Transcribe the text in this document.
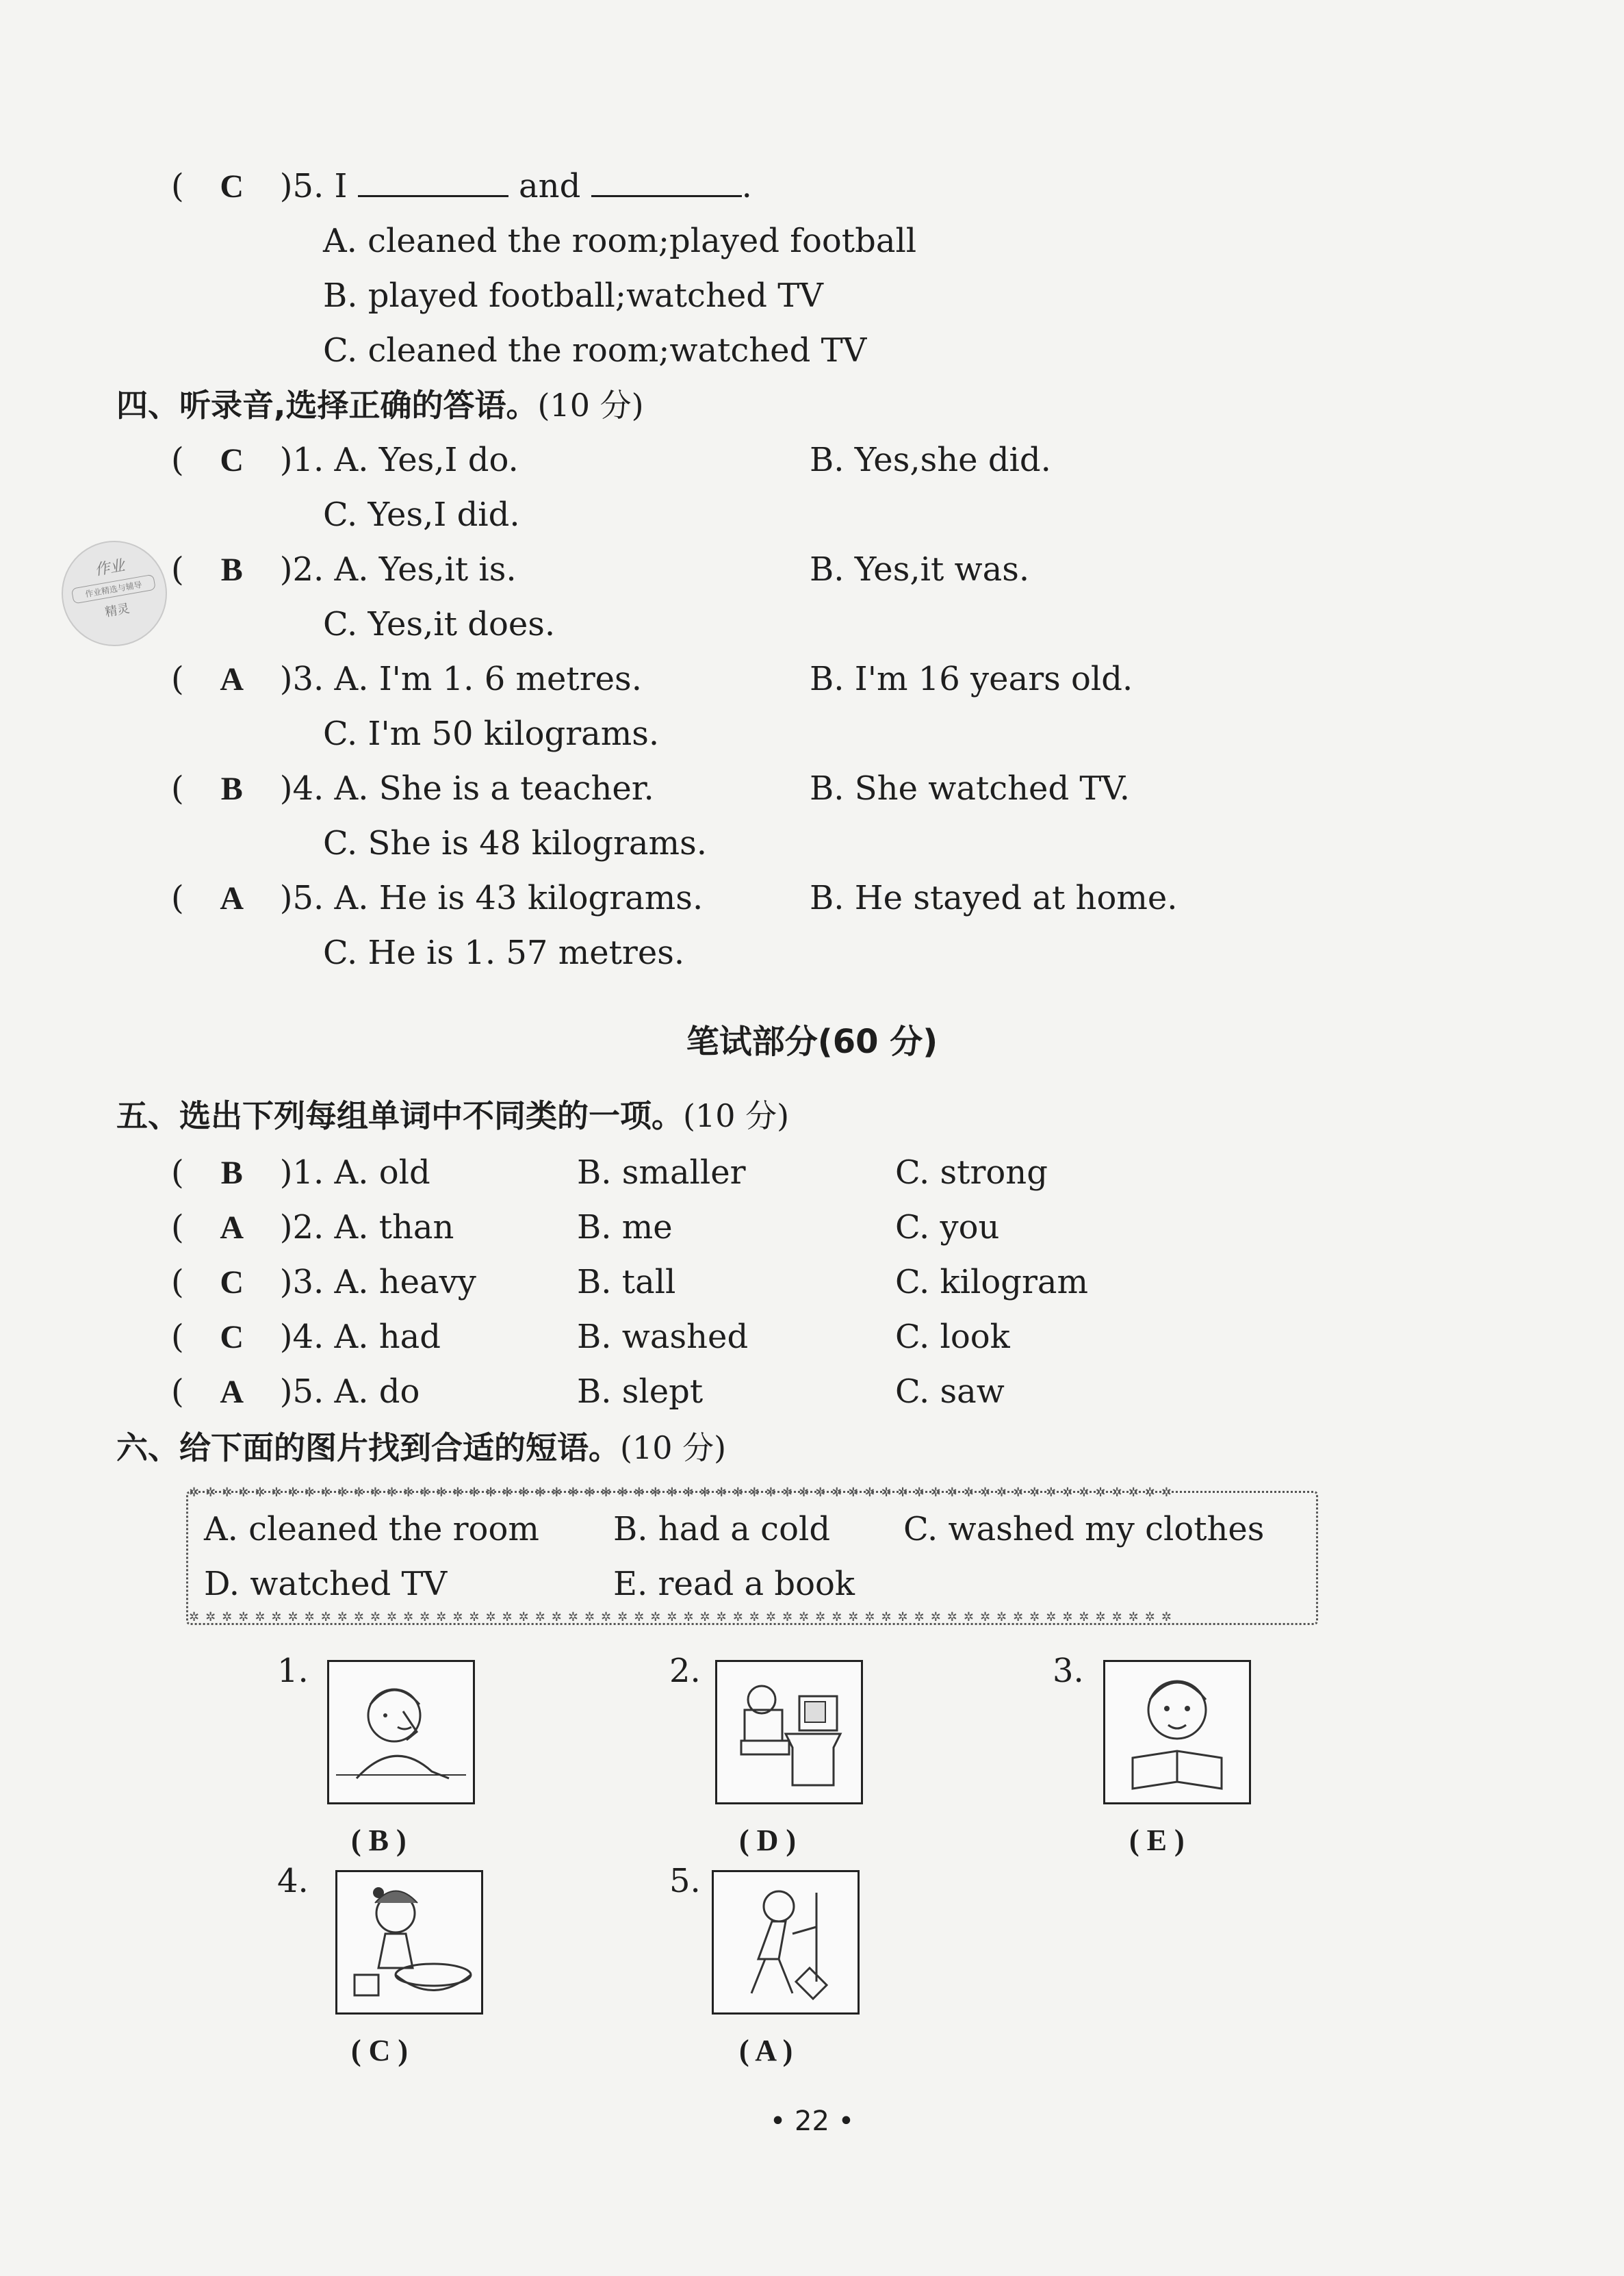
( C )5. I	and	.
A. cleaned the room;played football
B. played football;watched TV
C. cleaned the room;watched TV
四、听录音,选择正确的答语。(10 分)
( C )1. A. Yes,I do.	B. Yes,she did.
C. Yes,I did.
( B )2. A. Yes,it is.	B. Yes,it was.
C. Yes,it does.
( A )3. A. I'm 1. 6 metres.	B. I'm 16 years old.
C. I'm 50 kilograms.
( B )4. A. She is a teacher.	B. She watched TV.
C. She is 48 kilograms.
( A )5. A. He is 43 kilograms.	B. He stayed at home.
C. He is 1. 57 metres.
笔试部分(60 分)
五、选出下列每组单词中不同类的一项。(10 分)
( B )1. A. old	B. smaller	C. strong
( A )2. A. than	B. me	C. you
( C )3. A. heavy	B. tall	C. kilogram
( C )4. A. had	B. washed	C. look
( A )5. A. do	B. slept	C. saw
六、给下面的图片找到合适的短语。(10 分)
✲✲✲✲✲✲✲✲✲✲✲✲✲✲✲✲✲✲✲✲✲✲✲✲✲✲✲✲✲✲✲✲✲✲✲✲✲✲✲✲✲✲✲✲✲✲✲✲✲✲✲✲✲✲✲✲✲✲✲✲
✲✲✲✲✲✲✲✲✲✲✲✲✲✲✲✲✲✲✲✲✲✲✲✲✲✲✲✲✲✲✲✲✲✲✲✲✲✲✲✲✲✲✲✲✲✲✲✲✲✲✲✲✲✲✲✲✲✲✲✲
A. cleaned the room B. had a cold C. washed my clothes
D. watched TV	E. read a book
1.
( B )
2.
( D )
3.
( E )
4.
( C )
5.
( A )
作业
作业精选与辅导
精灵
• 22 •
